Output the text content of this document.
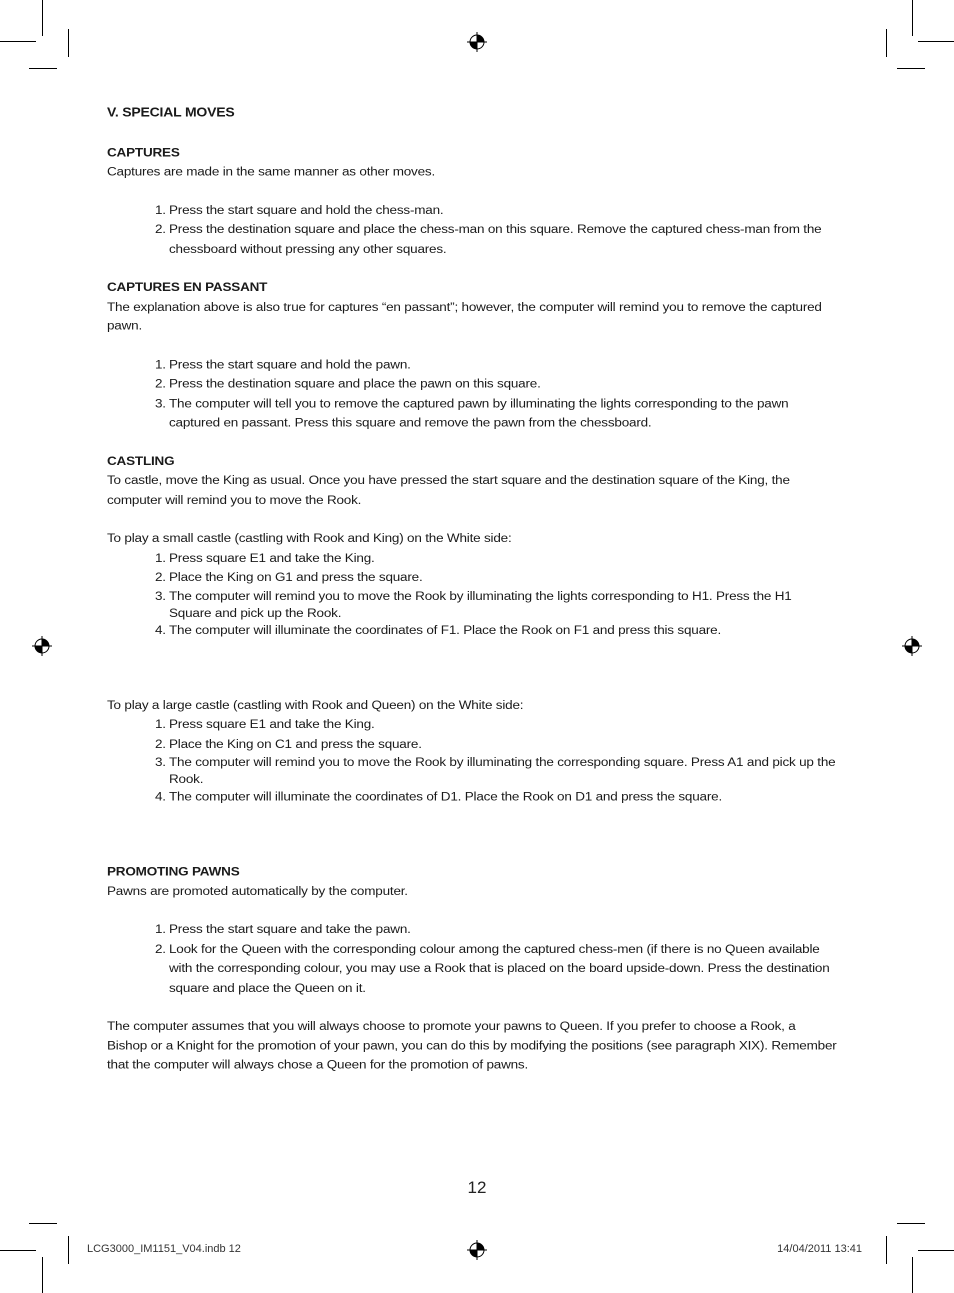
V. SPECIAL MOVES
CAPTURES

Captures are made in the same manner as other moves.

1. Press the start square and hold the chess-man.
2. Press the destination square and place the chess-man on this square. Remove the captured chess-man from the chessboard without pressing any other squares.
CAPTURES EN PASSANT

The explanation above is also true for captures “en passant”; however, the computer will remind you to remove the captured pawn.

1. Press the start square and hold the pawn.
2. Press the destination square and place the pawn on this square.
3. The computer will tell you to remove the captured pawn by illuminating the lights corresponding to the pawn captured en passant. Press this square and remove the pawn from the chessboard.
CASTLING

To castle, move the King as usual. Once you have pressed the start square and the destination square of the King, the computer will remind you to move the Rook.

To play a small castle (castling with Rook and King) on the White side:

1. Press square E1 and take the King.
2. Place the King on G1 and press the square.
3. The computer will remind you to move the Rook by illuminating the lights corresponding to H1. Press the H1 Square and pick up the Rook.
4. The computer will illuminate the coordinates of F1. Place the Rook on F1 and press this square.

To play a large castle (castling with Rook and Queen) on the White side:

1. Press square E1 and take the King.
2. Place the King on C1 and press the square.
3. The computer will remind you to move the Rook by illuminating the corresponding square. Press A1 and pick up the Rook.
4. The computer will illuminate the coordinates of D1. Place the Rook on D1 and press the square.
PROMOTING PAWNS

Pawns are promoted automatically by the computer.

1. Press the start square and take the pawn.
2. Look for the Queen with the corresponding colour among the captured chess-men (if there is no Queen available with the corresponding colour, you may use a Rook that is placed on the board upside-down. Press the destination square and place the Queen on it.

The computer assumes that you will always choose to promote your pawns to Queen. If you prefer to choose a Rook, a Bishop or a Knight for the promotion of your pawn, you can do this by modifying the positions (see paragraph XIX). Remember that the computer will always chose a Queen for the promotion of pawns.

12
LCG3000_IM1151_V04.indb 12	14/04/2011 13:41
